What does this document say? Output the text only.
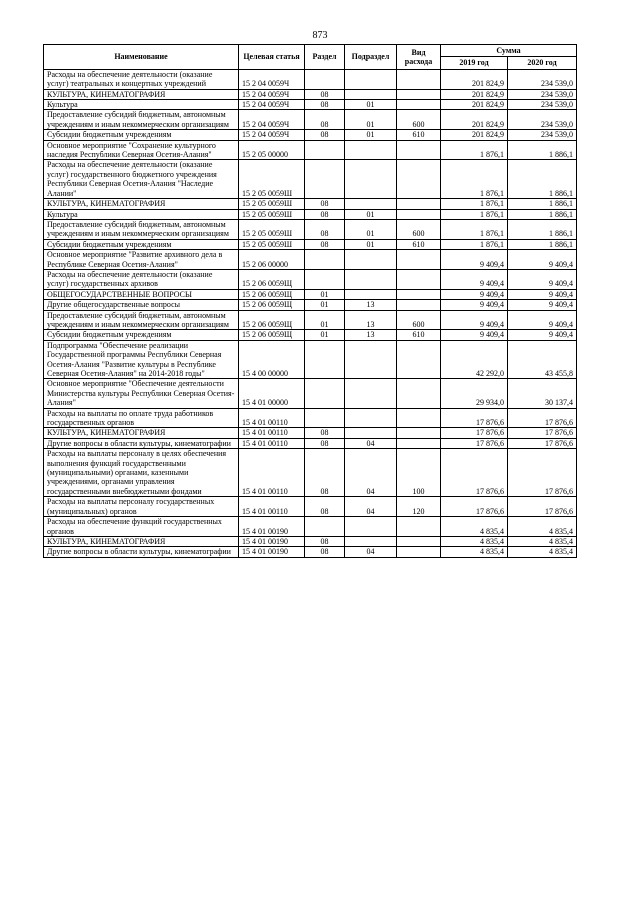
873
Наименование	Целевая статья	Раздел	Подраздел	Вид расхода	Сумма	
					2019 год	2020 год
Расходы на обеспечение деятельности (оказание услуг) театральных и концертных учреждений	15 2 04 0059Ч				201 824,9	234 539,0
КУЛЬТУРА, КИНЕМАТОГРАФИЯ	15 2 04 0059Ч	08			201 824,9	234 539,0
Культура	15 2 04 0059Ч	08	01		201 824,9	234 539,0
Предоставление субсидий бюджетным, автономным учреждениям и иным некоммерческим организациям	15 2 04 0059Ч	08	01	600	201 824,9	234 539,0
Субсидии бюджетным учреждениям	15 2 04 0059Ч	08	01	610	201 824,9	234 539,0
Основное мероприятие "Сохранение культурного наследия Республики Северная Осетия-Алания"	15 2 05 00000				1 876,1	1 886,1
Расходы на обеспечение деятельности (оказание услуг) государственного бюджетного учреждения Республики Северная Осетия-Алания "Наследие Алании"	15 2 05 0059Ш				1 876,1	1 886,1
КУЛЬТУРА, КИНЕМАТОГРАФИЯ	15 2 05 0059Ш	08			1 876,1	1 886,1
Культура	15 2 05 0059Ш	08	01		1 876,1	1 886,1
Предоставление субсидий бюджетным, автономным учреждениям и иным некоммерческим организациям	15 2 05 0059Ш	08	01	600	1 876,1	1 886,1
Субсидии бюджетным учреждениям	15 2 05 0059Ш	08	01	610	1 876,1	1 886,1
Основное мероприятие "Развитие архивного дела в Республике Северная Осетия-Алания"	15 2 06 00000				9 409,4	9 409,4
Расходы на обеспечение деятельности (оказание услуг) государственных архивов	15 2 06 0059Щ				9 409,4	9 409,4
ОБЩЕГОСУДАРСТВЕННЫЕ ВОПРОСЫ	15 2 06 0059Щ	01			9 409,4	9 409,4
Другие общегосударственные вопросы	15 2 06 0059Щ	01	13		9 409,4	9 409,4
Предоставление субсидий бюджетным, автономным учреждениям и иным некоммерческим организациям	15 2 06 0059Щ	01	13	600	9 409,4	9 409,4
Субсидии бюджетным учреждениям	15 2 06 0059Щ	01	13	610	9 409,4	9 409,4
Подпрограмма "Обеспечение реализации Государственной программы Республики Северная Осетия-Алания "Развитие культуры в Республике Северная Осетия-Алания" на 2014-2018 годы"	15 4 00 00000				42 292,0	43 455,8
Основное мероприятие "Обеспечение деятельности Министерства культуры Республики Северная Осетия-Алания"	15 4 01 00000				29 934,0	30 137,4
Расходы на выплаты по оплате труда работников государственных органов	15 4 01 00110				17 876,6	17 876,6
КУЛЬТУРА, КИНЕМАТОГРАФИЯ	15 4 01 00110	08			17 876,6	17 876,6
Другие вопросы в области культуры, кинематографии	15 4 01 00110	08	04		17 876,6	17 876,6
Расходы на выплаты персоналу в целях обеспечения выполнения функций государственными (муниципальными) органами, казенными учреждениями, органами управления государственными внебюджетными фондами	15 4 01 00110	08	04	100	17 876,6	17 876,6
Расходы на выплаты персоналу государственных (муниципальных) органов	15 4 01 00110	08	04	120	17 876,6	17 876,6
Расходы на обеспечение функций государственных органов	15 4 01 00190				4 835,4	4 835,4
КУЛЬТУРА, КИНЕМАТОГРАФИЯ	15 4 01 00190	08			4 835,4	4 835,4
Другие вопросы в области культуры, кинематографии	15 4 01 00190	08	04		4 835,4	4 835,4
